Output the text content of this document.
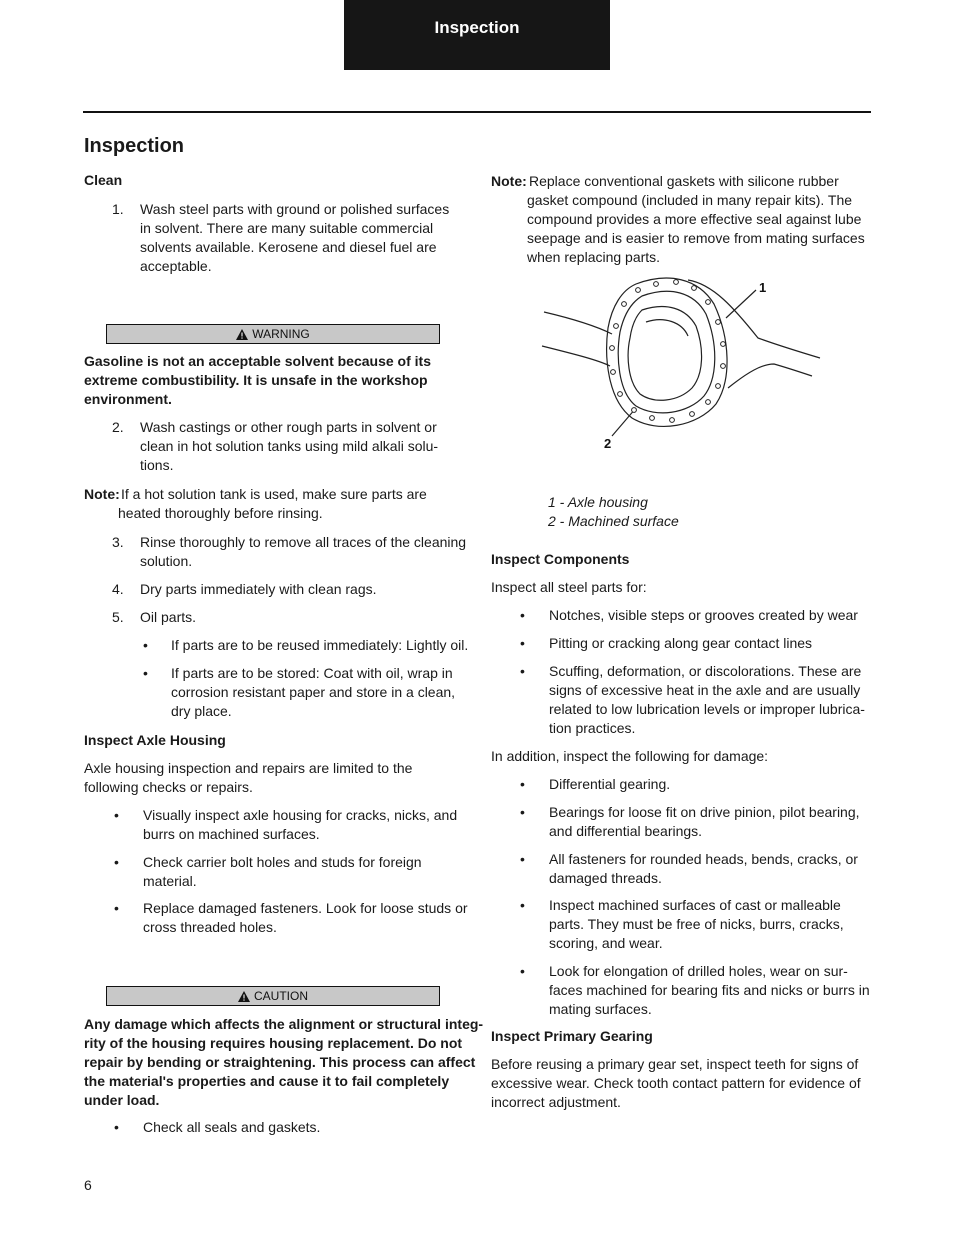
Inspection
Inspection
Clean
1. Wash steel parts with ground or polished surfaces
in solvent. There are many suitable commercial
solvents available. Kerosene and diesel fuel are
acceptable.
WARNING
Gasoline is not an acceptable solvent because of its
extreme combustibility. It is unsafe in the workshop
environment.
2. Wash castings or other rough parts in solvent or
clean in hot solution tanks using mild alkali solu-
tions.
Note: If a hot solution tank is used, make sure parts are
heated thoroughly before rinsing.
3. Rinse thoroughly to remove all traces of the cleaning
solution.
4. Dry parts immediately with clean rags.
5. Oil parts.
• If parts are to be reused immediately: Lightly oil.
• If parts are to be stored: Coat with oil, wrap in
corrosion resistant paper and store in a clean,
dry place.
Inspect Axle Housing
Axle housing inspection and repairs are limited to the
following checks or repairs.
• Visually inspect axle housing for cracks, nicks, and
burrs on machined surfaces.
• Check carrier bolt holes and studs for foreign
material.
• Replace damaged fasteners. Look for loose studs or
cross threaded holes.
CAUTION
Any damage which affects the alignment or structural integ-
rity of the housing requires housing replacement. Do not
repair by bending or straightening. This process can affect
the material's properties and cause it to fail completely
under load.
• Check all seals and gaskets.
Note: Replace conventional gaskets with silicone rubber
gasket compound (included in many repair kits). The
compound provides a more effective seal against lube
seepage and is easier to remove from mating surfaces
when replacing parts.
1
2
1 - Axle housing
2 - Machined surface
Inspect Components
Inspect all steel parts for:
• Notches, visible steps or grooves created by wear
• Pitting or cracking along gear contact lines
• Scuffing, deformation, or discolorations. These are
signs of excessive heat in the axle and are usually
related to low lubrication levels or improper lubrica-
tion practices.
In addition, inspect the following for damage:
• Differential gearing.
• Bearings for loose fit on drive pinion, pilot bearing,
and differential bearings.
• All fasteners for rounded heads, bends, cracks, or
damaged threads.
• Inspect machined surfaces of cast or malleable
parts. They must be free of nicks, burrs, cracks,
scoring, and wear.
• Look for elongation of drilled holes, wear on sur-
faces machined for bearing fits and nicks or burrs in
mating surfaces.
Inspect Primary Gearing
Before reusing a primary gear set, inspect teeth for signs of
excessive wear. Check tooth contact pattern for evidence of
incorrect adjustment.
6
